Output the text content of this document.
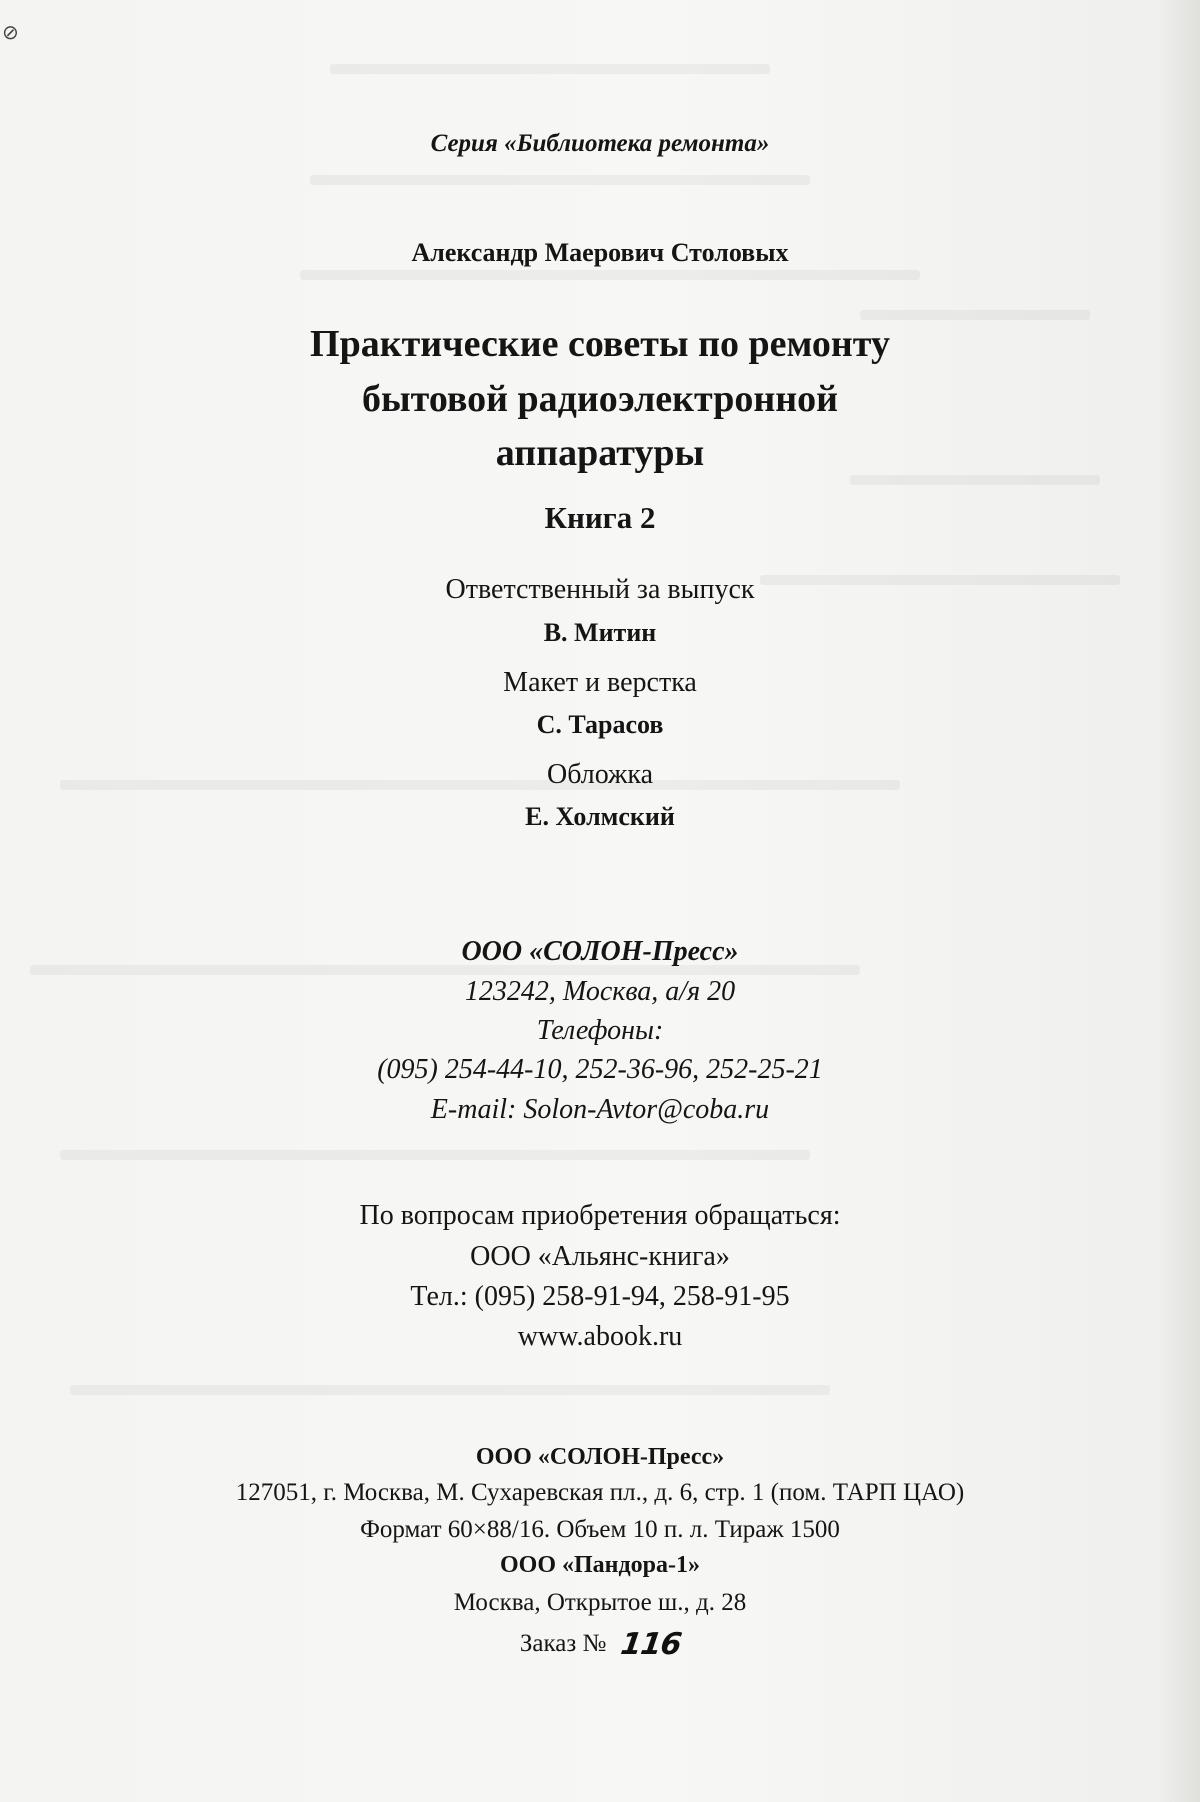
⊘
Серия «Библиотека ремонта»
Александр Маерович Столовых
Практические советы по ремонту
бытовой радиоэлектронной
аппаратуры
Книга 2
Ответственный за выпуск
В. Митин
Макет и верстка
С. Тарасов
Обложка
Е. Холмский
ООО «СОЛОН-Пресс»
123242, Москва, а/я 20
Телефоны:
(095) 254-44-10, 252-36-96, 252-25-21
E-mail: Solon-Avtor@coba.ru
По вопросам приобретения обращаться:
ООО «Альянс-книга»
Тел.: (095) 258-91-94, 258-91-95
www.abook.ru
ООО «СОЛОН-Пресс»
127051, г. Москва, М. Сухаревская пл., д. 6, стр. 1 (пом. ТАРП ЦАО)
Формат 60×88/16. Объем 10 п. л. Тираж 1500
ООО «Пандора-1»
Москва, Открытое ш., д. 28
Заказ № 116
